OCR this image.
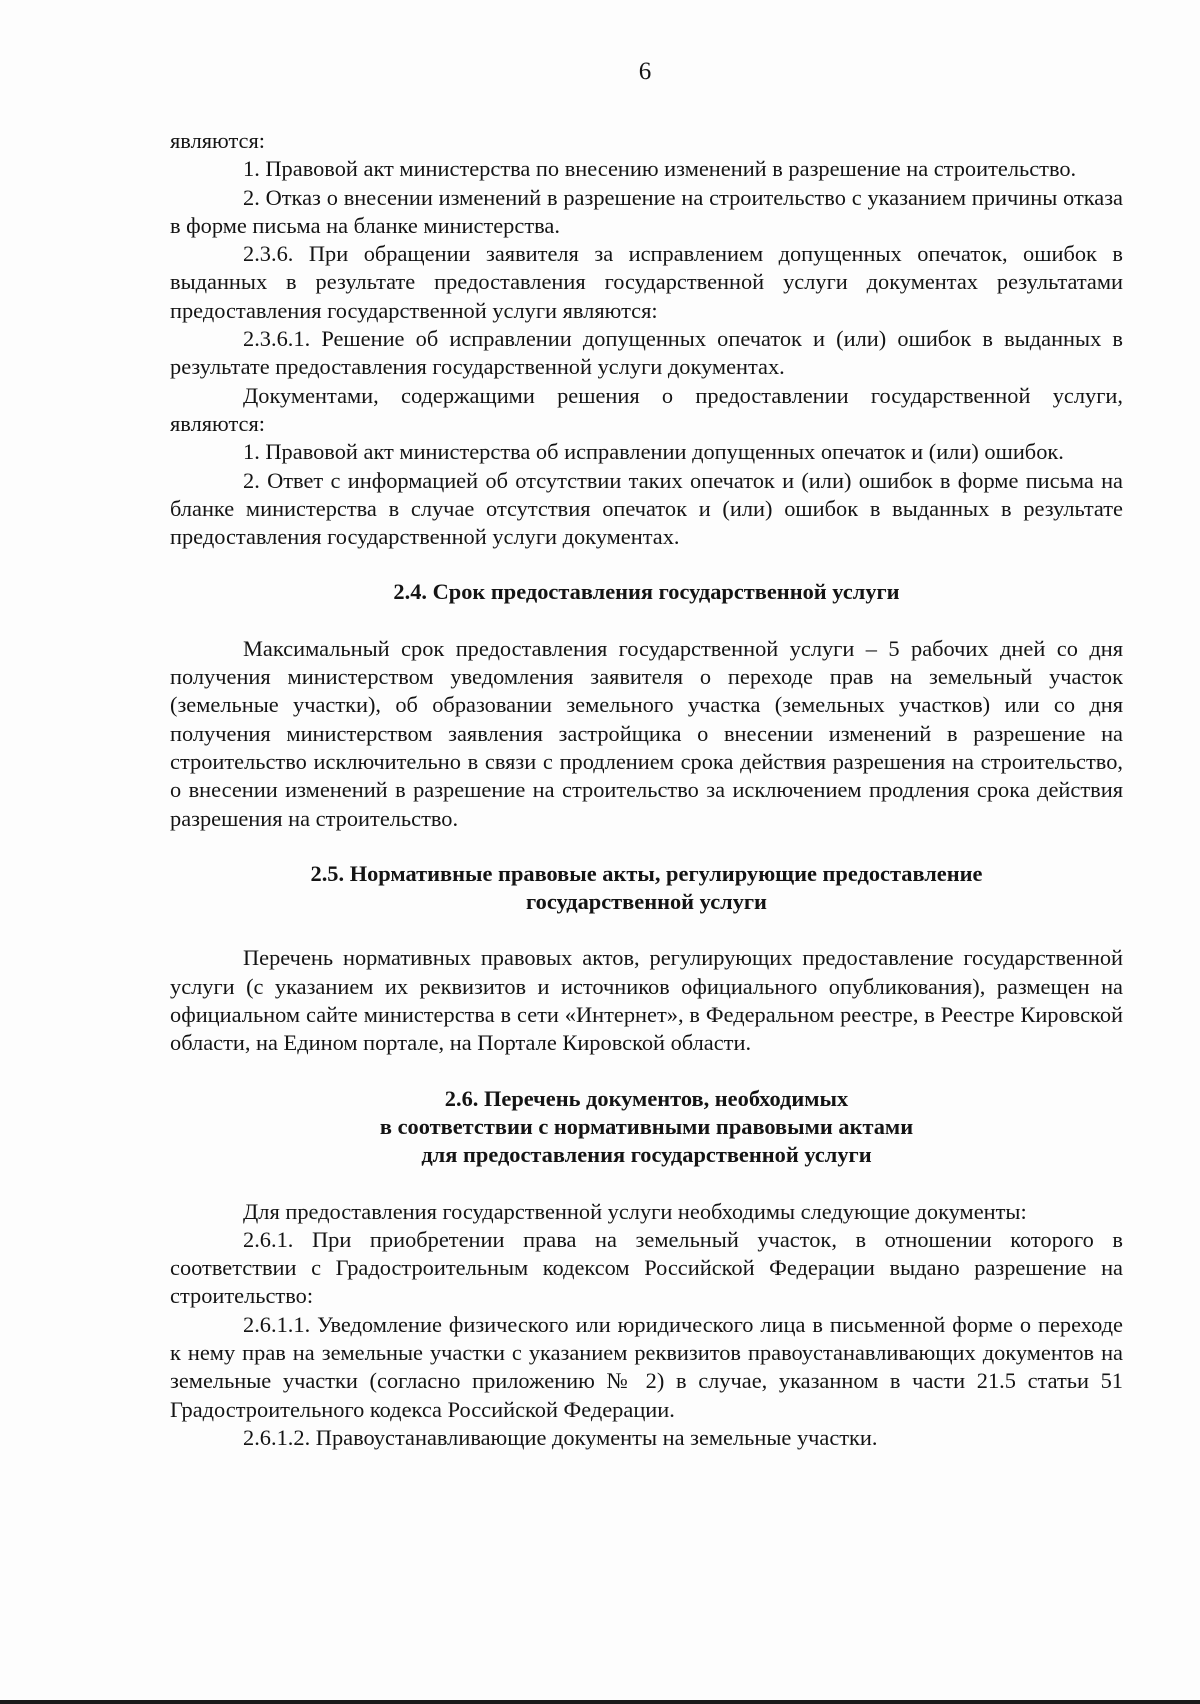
6

являются:

1. Правовой акт министерства по внесению изменений в разрешение на строительство.

2. Отказ о внесении изменений в разрешение на строительство с указанием причины отказа в форме письма на бланке министерства.

2.3.6. При обращении заявителя за исправлением допущенных опечаток, ошибок в выданных в результате предоставления государственной услуги документах результатами предоставления государственной услуги являются:

2.3.6.1. Решение об исправлении допущенных опечаток и (или) ошибок в выданных в результате предоставления государственной услуги документах.

Документами, содержащими решения о предоставлении государственной услуги, являются:

1. Правовой акт министерства об исправлении допущенных опечаток и (или) ошибок.

2. Ответ с информацией об отсутствии таких опечаток и (или) ошибок в форме письма на бланке министерства в случае отсутствия опечаток и (или) ошибок в выданных в результате предоставления государственной услуги документах.

2.4. Срок предоставления государственной услуги

Максимальный срок предоставления государственной услуги – 5 рабочих дней со дня получения министерством уведомления заявителя о переходе прав на земельный участок (земельные участки), об образовании земельного участка (земельных участков) или со дня получения министерством заявления застройщика о внесении изменений в разрешение на строительство исключительно в связи с продлением срока действия разрешения на строительство, о внесении изменений в разрешение на строительство за исключением продления срока действия разрешения на строительство.

2.5. Нормативные правовые акты, регулирующие предоставление
государственной услуги

Перечень нормативных правовых актов, регулирующих предоставление государственной услуги (с указанием их реквизитов и источников официального опубликования), размещен на официальном сайте министерства в сети «Интернет», в Федеральном реестре, в Реестре Кировской области, на Едином портале, на Портале Кировской области.

2.6. Перечень документов, необходимых
в соответствии с нормативными правовыми актами
для предоставления государственной услуги

Для предоставления государственной услуги необходимы следующие документы:

2.6.1. При приобретении права на земельный участок, в отношении которого в соответствии с Градостроительным кодексом Российской Федерации выдано разрешение на строительство:

2.6.1.1. Уведомление физического или юридического лица в письменной форме о переходе к нему прав на земельные участки с указанием реквизитов правоустанавливающих документов на земельные участки (согласно приложению № 2) в случае, указанном в части 21.5 статьи 51 Градостроительного кодекса Российской Федерации.

2.6.1.2. Правоустанавливающие документы на земельные участки.
